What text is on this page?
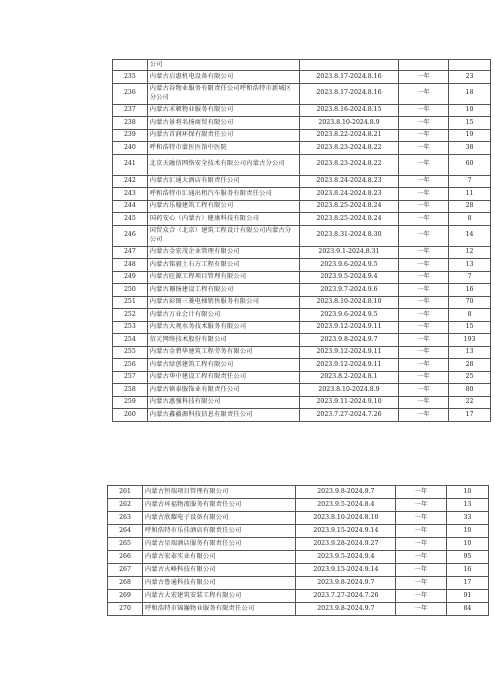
	公司			
235	内蒙古启惠机电设备有限公司	2023.8.17-2024.8.16	一年	23
236	内蒙古谷物业服务有限责任公司呼和浩特市新城区分公司	2023.8.17-2024.8.16	一年	18
237	内蒙古禾顿物业服务有限公司	2023.8.16-2024.8.15	一年	10
238	内蒙古景将名扬商贸有限公司	2023.8.10-2024.8.9	一年	15
239	内蒙古首润环保有限责任公司	2023.8.22-2024.8.21	一年	19
240	呼和浩特市蒙医医馆中医院	2023.8.23-2024.8.22	一年	38
241	北京天融信网络安全技术有限公司内蒙古分公司	2023.8.23-2024.8.22	一年	60
242	内蒙古汇通大酒店有限责任公司	2023.8.24-2024.8.23	一年	7
243	呼和浩特市汇通出租汽车服务有限责任公司	2023.8.24-2024.8.23	一年	11
244	内蒙古乐翰建筑工程有限公司	2023.8.25-2024.8.24	一年	28
245	国药安心（内蒙古）健康科技有限公司	2023.8.25-2024.8.24	一年	8
246	国贸众合（北京）建筑工程设计有限公司内蒙古分公司	2023.8.31-2024.8.30	一年	14
247	内蒙古金宏茂企业管理有限公司	2023.9.1-2024.8.31	一年	12
248	内蒙古铭毅土石方工程有限公司	2023.9.6-2024.9.5	一年	13
249	内蒙古旺源工程项目管理有限公司	2023.9.5-2024.9.4	一年	7
250	内蒙古珊扬建设工程有限公司	2023.9.7-2024.9.6	一年	16
251	内蒙古彩图三菱电梯销售服务有限公司	2023.8.10-2024.8.10	一年	70
252	内蒙古万业会计有限公司	2023.9.6-2024.9.5	一年	8
253	内蒙古大观水务技术服务有限公司	2023.9.12-2024.9.11	一年	15
254	信元网络技术股份有限公司	2023.9.8-2024.9.7	一年	193
255	内蒙古金碧华建筑工程劳务有限公司	2023.9.12-2024.9.11	一年	13
256	内蒙古绿创建筑工程有限公司	2023.9.12-2024.9.11	一年	28
257	内蒙古华中建设工程有限责任公司	2023.8.2-2024.8.1	一年	25
258	内蒙古镇泰服饰业有限责任公司	2023.8.10-2024.8.9	一年	80
259	内蒙古惠强科技有限公司	2023.9.11-2024.9.10	一年	22
260	内蒙古鑫疆源科技信息有限责任公司	2023.7.27-2024.7.26	一年	17
261	内蒙古恒瑞项目管理有限公司	2023.9.8-2024.9.7	一年	10
262	内蒙古环福物流服务有限责任公司	2023.9.5-2024.8.4	一年	13
263	内蒙古欣耀电子设备有限公司	2023.8.10-2024.8.10	一年	33
264	呼和浩特市乐佳酒店有限责任公司	2023.9.15-2024.9.14	一年	10
265	内蒙古星瑞酒店服务有限责任公司	2023.9.28-2024.9.27	一年	10
266	内蒙古宏泰实业有限公司	2023.9.5-2024.9.4	一年	95
267	内蒙古火峰科技有限公司	2023.9.15-2024.9.14	一年	16
268	内蒙古鲁通科技有限公司	2023.9.8-2024.9.7	一年	17
269	内蒙古大宏建筑安装工程有限公司	2023.7.27-2024.7.26	一年	91
270	呼和浩特市锦瀚物业服务有限责任公司	2023.9.8-2024.9.7	一年	84
